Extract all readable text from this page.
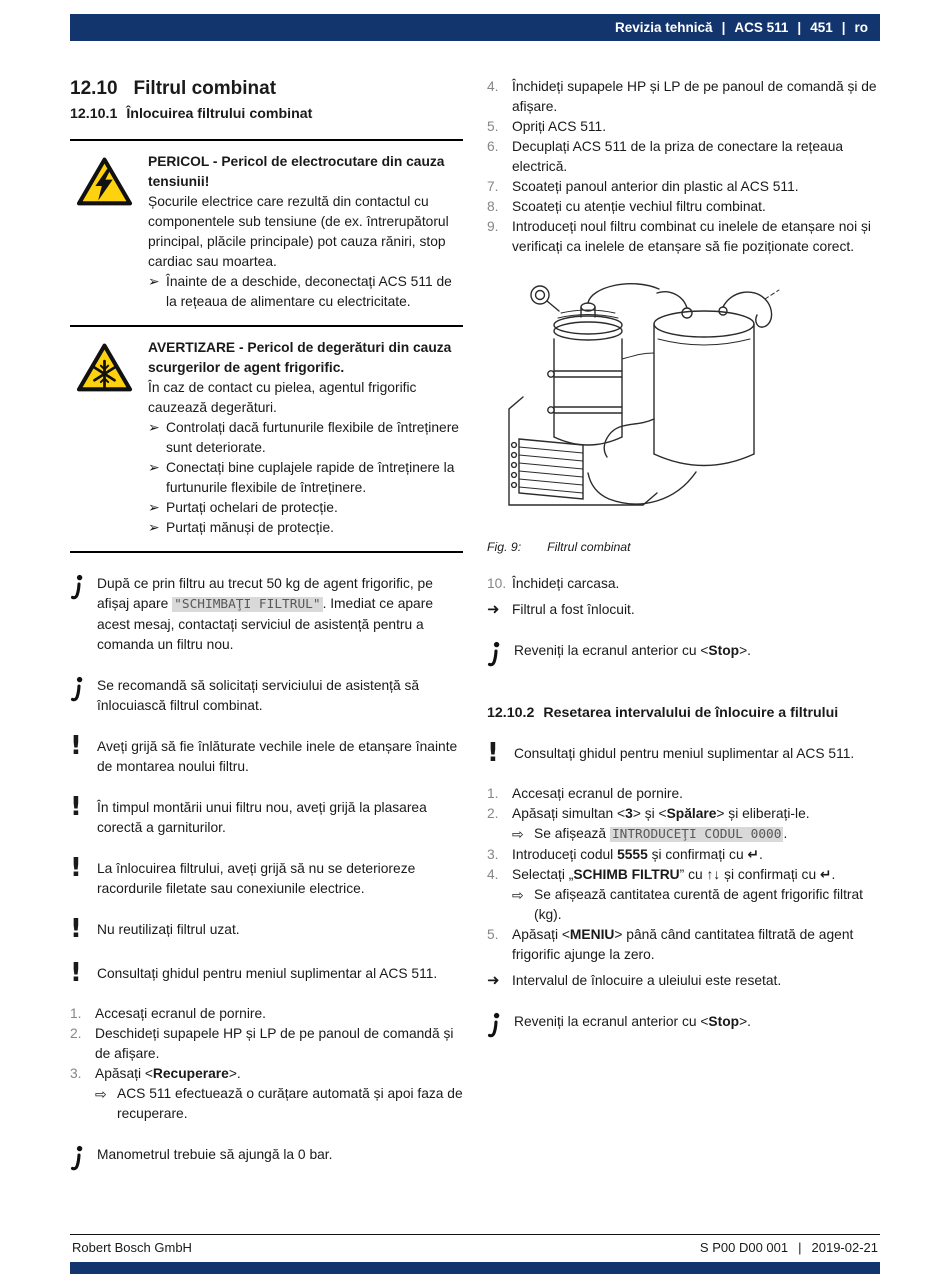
Revizia tehnică | ACS 511 | 451 | ro
12.10 Filtrul combinat
12.10.1 Înlocuirea filtrului combinat
PERICOL - Pericol de electrocutare din cauza tensiunii!
Șocurile electrice care rezultă din contactul cu componentele sub tensiune (de ex. întrerupătorul principal, plăcile principale) pot cauza răniri, stop cardiac sau moartea.
➢ Înainte de a deschide, deconectați ACS 511 de la rețeaua de alimentare cu electricitate.
AVERTIZARE - Pericol de degerături din cauza scurgerilor de agent frigorific.
În caz de contact cu pielea, agentul frigorific cauzează degerături.
➢ Controlați dacă furtunurile flexibile de întreținere sunt deteriorate.
➢ Conectați bine cuplajele rapide de întreținere la furtunurile flexibile de întreținere.
➢ Purtați ochelari de protecție.
➢ Purtați mănuși de protecție.
După ce prin filtru au trecut 50 kg de agent frigorific, pe afișaj apare "SCHIMBAŢI FILTRUL" . Imediat ce apare acest mesaj, contactați serviciul de asistență pentru a comanda un filtru nou.
Se recomandă să solicitați serviciului de asistență să înlocuiască filtrul combinat.
!	Aveți grijă să fie înlăturate vechile inele de etanșare înainte de montarea noului filtru.
!	În timpul montării unui filtru nou, aveți grijă la plasarea corectă a garniturilor.
!	La înlocuirea filtrului, aveți grijă să nu se deterioreze racordurile filetate sau conexiunile electrice.
!	Nu reutilizați filtrul uzat.
!	Consultați ghidul pentru meniul suplimentar al ACS 511.
1. Accesați ecranul de pornire.
2. Deschideți supapele HP și LP de pe panoul de comandă și de afișare.
3. Apăsați <Recuperare>.
⇨ ACS 511 efectuează o curățare automată și apoi faza de recuperare.
Manometrul trebuie să ajungă la 0 bar.
4. Închideți supapele HP și LP de pe panoul de comandă și de afișare.
5. Opriți ACS 511.
6. Decuplați ACS 511 de la priza de conectare la rețeaua electrică.
7. Scoateți panoul anterior din plastic al ACS 511.
8. Scoateți cu atenție vechiul filtru combinat.
9. Introduceți noul filtru combinat cu inelele de etanșare noi și verificați ca inelele de etanșare să fie poziționate corect.
Fig. 9: Filtrul combinat
10. Închideți carcasa.
➜ Filtrul a fost înlocuit.
Reveniți la ecranul anterior cu <Stop>.
12.10.2 Resetarea intervalului de înlocuire a filtrului
!	Consultați ghidul pentru meniul suplimentar al ACS 511.
1. Accesați ecranul de pornire.
2. Apăsați simultan <3> și <Spălare> și eliberați-le.
⇨ Se afișează INTRODUCEŢI CODUL 0000 .
3. Introduceți codul 5555 și confirmați cu ↵.
4. Selectați „SCHIMB FILTRU” cu ↑↓ și confirmați cu ↵.
⇨ Se afișează cantitatea curentă de agent frigorific filtrat (kg).
5. Apăsați <MENIU> până când cantitatea filtrată de agent frigorific ajunge la zero.
➜ Intervalul de înlocuire a uleiului este resetat.
Reveniți la ecranul anterior cu <Stop>.
Robert Bosch GmbH	S P00 D00 001 | 2019-02-21
